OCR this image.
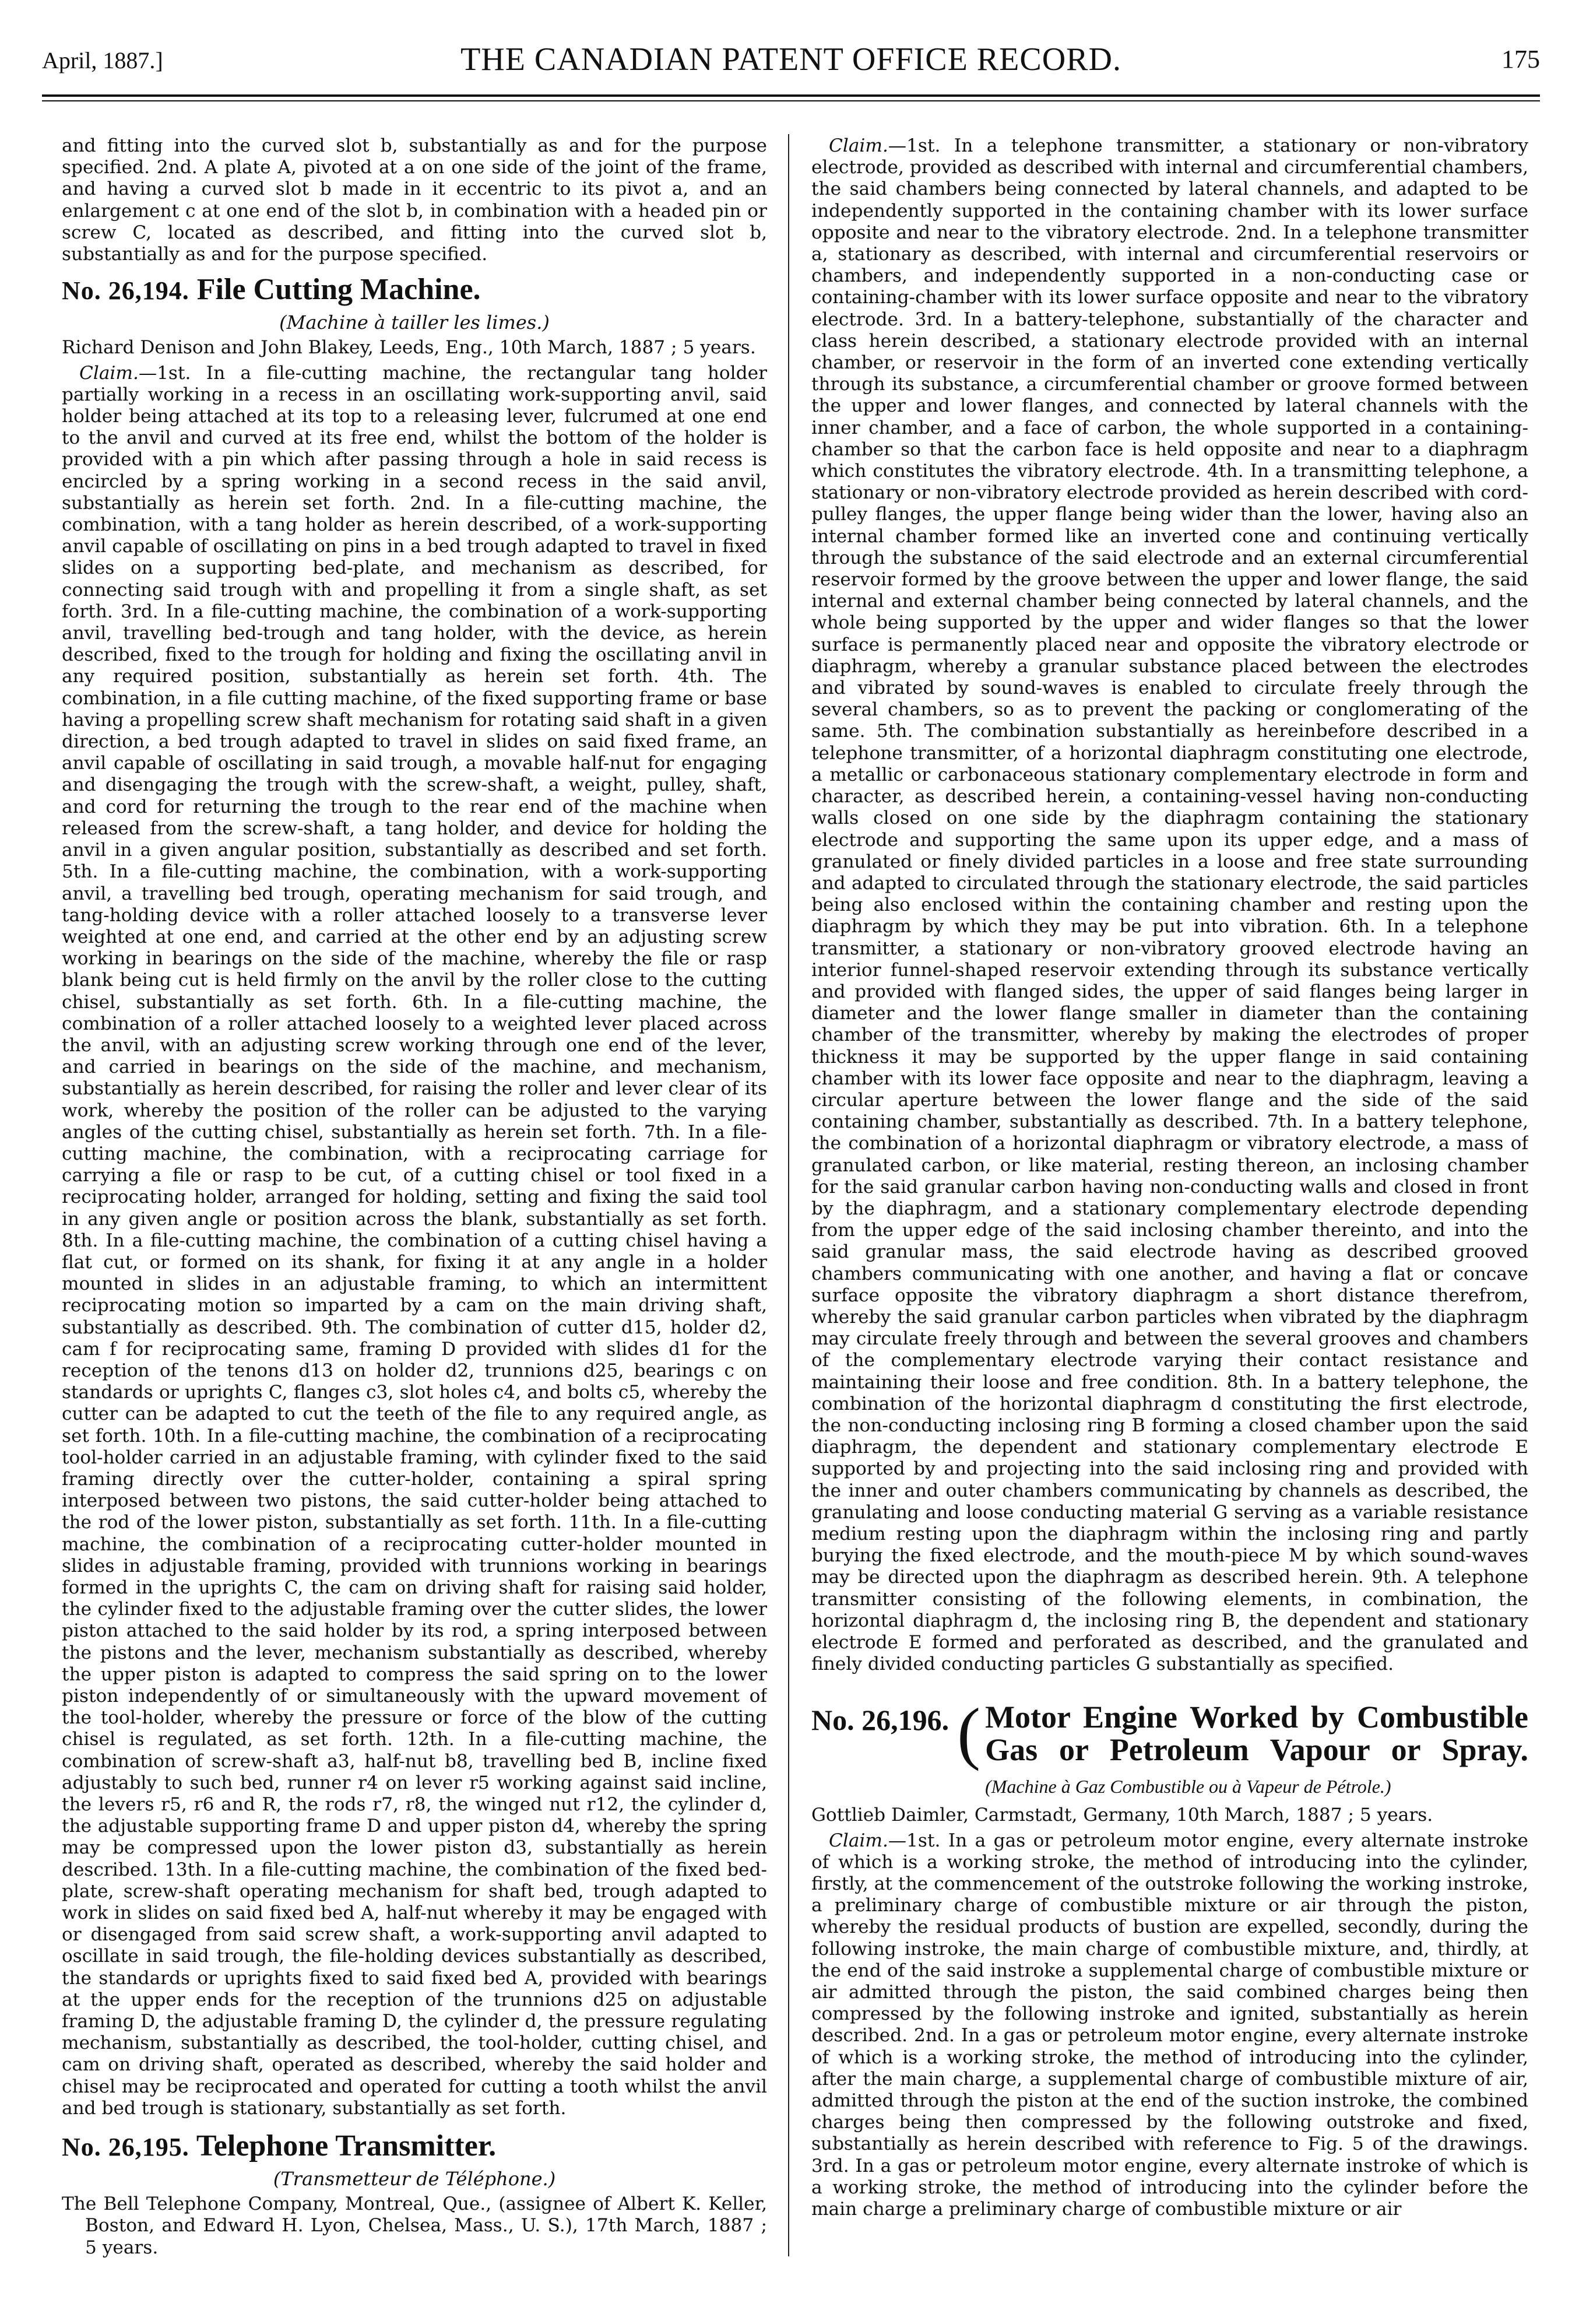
April, 1887.]	THE CANADIAN PATENT OFFICE RECORD.	175

and fitting into the curved slot b, substantially as and for the purpose specified. 2nd. A plate A, pivoted at a on one side of the joint of the frame, and having a curved slot b made in it eccentric to its pivot a, and an enlargement c at one end of the slot b, in combination with a headed pin or screw C, located as described, and fitting into the curved slot b, substantially as and for the purpose specified.

No. 26,194. File Cutting Machine.
(Machine à tailler les limes.)

Richard Denison and John Blakey, Leeds, Eng., 10th March, 1887 ; 5 years.

Claim.—1st. In a file-cutting machine, the rectangular tang holder partially working in a recess in an oscillating work-supporting anvil, said holder being attached at its top to a releasing lever, fulcrumed at one end to the anvil and curved at its free end, whilst the bottom of the holder is provided with a pin which after passing through a hole in said recess is encircled by a spring working in a second recess in the said anvil, substantially as herein set forth. 2nd. In a file-cutting machine, the combination, with a tang holder as herein described, of a work-supporting anvil capable of oscillating on pins in a bed trough adapted to travel in fixed slides on a supporting bed-plate, and mechanism as described, for connecting said trough with and propelling it from a single shaft, as set forth. 3rd. In a file-cutting machine, the combination of a work-supporting anvil, travelling bed-trough and tang holder, with the device, as herein described, fixed to the trough for holding and fixing the oscillating anvil in any required position, substantially as herein set forth. 4th. The combination, in a file cutting machine, of the fixed supporting frame or base having a propelling screw shaft mechanism for rotating said shaft in a given direction, a bed trough adapted to travel in slides on said fixed frame, an anvil capable of oscillating in said trough, a movable half-nut for engaging and disengaging the trough with the screw-shaft, a weight, pulley, shaft, and cord for returning the trough to the rear end of the machine when released from the screw-shaft, a tang holder, and device for holding the anvil in a given angular position, substantially as described and set forth. 5th. In a file-cutting machine, the combination, with a work-supporting anvil, a travelling bed trough, operating mechanism for said trough, and tang-holding device with a roller attached loosely to a transverse lever weighted at one end, and carried at the other end by an adjusting screw working in bearings on the side of the machine, whereby the file or rasp blank being cut is held firmly on the anvil by the roller close to the cutting chisel, substantially as set forth. 6th. In a file-cutting machine, the combination of a roller attached loosely to a weighted lever placed across the anvil, with an adjusting screw working through one end of the lever, and carried in bearings on the side of the machine, and mechanism, substantially as herein described, for raising the roller and lever clear of its work, whereby the position of the roller can be adjusted to the varying angles of the cutting chisel, substantially as herein set forth. 7th. In a file-cutting machine, the combination, with a reciprocating carriage for carrying a file or rasp to be cut, of a cutting chisel or tool fixed in a reciprocating holder, arranged for holding, setting and fixing the said tool in any given angle or position across the blank, substantially as set forth. 8th. In a file-cutting machine, the combination of a cutting chisel having a flat cut, or formed on its shank, for fixing it at any angle in a holder mounted in slides in an adjustable framing, to which an intermittent reciprocating motion so imparted by a cam on the main driving shaft, substantially as described. 9th. The combination of cutter d15, holder d2, cam f for reciprocating same, framing D provided with slides d1 for the reception of the tenons d13 on holder d2, trunnions d25, bearings c on standards or uprights C, flanges c3, slot holes c4, and bolts c5, whereby the cutter can be adapted to cut the teeth of the file to any required angle, as set forth. 10th. In a file-cutting machine, the combination of a reciprocating tool-holder carried in an adjustable framing, with cylinder fixed to the said framing directly over the cutter-holder, containing a spiral spring interposed between two pistons, the said cutter-holder being attached to the rod of the lower piston, substantially as set forth. 11th. In a file-cutting machine, the combination of a reciprocating cutter-holder mounted in slides in adjustable framing, provided with trunnions working in bearings formed in the uprights C, the cam on driving shaft for raising said holder, the cylinder fixed to the adjustable framing over the cutter slides, the lower piston attached to the said holder by its rod, a spring interposed between the pistons and the lever, mechanism substantially as described, whereby the upper piston is adapted to compress the said spring on to the lower piston independently of or simultaneously with the upward movement of the tool-holder, whereby the pressure or force of the blow of the cutting chisel is regulated, as set forth. 12th. In a file-cutting machine, the combination of screw-shaft a3, half-nut b8, travelling bed B, incline fixed adjustably to such bed, runner r4 on lever r5 working against said incline, the levers r5, r6 and R, the rods r7, r8, the winged nut r12, the cylinder d, the adjustable supporting frame D and upper piston d4, whereby the spring may be compressed upon the lower piston d3, substantially as herein described. 13th. In a file-cutting machine, the combination of the fixed bed-plate, screw-shaft operating mechanism for shaft bed, trough adapted to work in slides on said fixed bed A, half-nut whereby it may be engaged with or disengaged from said screw shaft, a work-supporting anvil adapted to oscillate in said trough, the file-holding devices substantially as described, the standards or uprights fixed to said fixed bed A, provided with bearings at the upper ends for the reception of the trunnions d25 on adjustable framing D, the adjustable framing D, the cylinder d, the pressure regulating mechanism, substantially as described, the tool-holder, cutting chisel, and cam on driving shaft, operated as described, whereby the said holder and chisel may be reciprocated and operated for cutting a tooth whilst the anvil and bed trough is stationary, substantially as set forth.

No. 26,195. Telephone Transmitter.
(Transmetteur de Téléphone.)

The Bell Telephone Company, Montreal, Que., (assignee of Albert K. Keller, Boston, and Edward H. Lyon, Chelsea, Mass., U. S.), 17th March, 1887 ; 5 years.

Claim.—1st. In a telephone transmitter, a stationary or non-vibratory electrode, provided as described with internal and circumferential chambers, the said chambers being connected by lateral channels, and adapted to be independently supported in the containing chamber with its lower surface opposite and near to the vibratory electrode. 2nd. In a telephone transmitter a, stationary as described, with internal and circumferential reservoirs or chambers, and independently supported in a non-conducting case or containing-chamber with its lower surface opposite and near to the vibratory electrode. 3rd. In a battery-telephone, substantially of the character and class herein described, a stationary electrode provided with an internal chamber, or reservoir in the form of an inverted cone extending vertically through its substance, a circumferential chamber or groove formed between the upper and lower flanges, and connected by lateral channels with the inner chamber, and a face of carbon, the whole supported in a containing-chamber so that the carbon face is held opposite and near to a diaphragm which constitutes the vibratory electrode. 4th. In a transmitting telephone, a stationary or non-vibratory electrode provided as herein described with cord-pulley flanges, the upper flange being wider than the lower, having also an internal chamber formed like an inverted cone and continuing vertically through the substance of the said electrode and an external circumferential reservoir formed by the groove between the upper and lower flange, the said internal and external chamber being connected by lateral channels, and the whole being supported by the upper and wider flanges so that the lower surface is permanently placed near and opposite the vibratory electrode or diaphragm, whereby a granular substance placed between the electrodes and vibrated by sound-waves is enabled to circulate freely through the several chambers, so as to prevent the packing or conglomerating of the same. 5th. The combination substantially as hereinbefore described in a telephone transmitter, of a horizontal diaphragm constituting one electrode, a metallic or carbonaceous stationary complementary electrode in form and character, as described herein, a containing-vessel having non-conducting walls closed on one side by the diaphragm containing the stationary electrode and supporting the same upon its upper edge, and a mass of granulated or finely divided particles in a loose and free state surrounding and adapted to circulated through the stationary electrode, the said particles being also enclosed within the containing chamber and resting upon the diaphragm by which they may be put into vibration. 6th. In a telephone transmitter, a stationary or non-vibratory grooved electrode having an interior funnel-shaped reservoir extending through its substance vertically and provided with flanged sides, the upper of said flanges being larger in diameter and the lower flange smaller in diameter than the containing chamber of the transmitter, whereby by making the electrodes of proper thickness it may be supported by the upper flange in said containing chamber with its lower face opposite and near to the diaphragm, leaving a circular aperture between the lower flange and the side of the said containing chamber, substantially as described. 7th. In a battery telephone, the combination of a horizontal diaphragm or vibratory electrode, a mass of granulated carbon, or like material, resting thereon, an inclosing chamber for the said granular carbon having non-conducting walls and closed in front by the diaphragm, and a stationary complementary electrode depending from the upper edge of the said inclosing chamber thereinto, and into the said granular mass, the said electrode having as described grooved chambers communicating with one another, and having a flat or concave surface opposite the vibratory diaphragm a short distance therefrom, whereby the said granular carbon particles when vibrated by the diaphragm may circulate freely through and between the several grooves and chambers of the complementary electrode varying their contact resistance and maintaining their loose and free condition. 8th. In a battery telephone, the combination of the horizontal diaphragm d constituting the first electrode, the non-conducting inclosing ring B forming a closed chamber upon the said diaphragm, the dependent and stationary complementary electrode E supported by and projecting into the said inclosing ring and provided with the inner and outer chambers communicating by channels as described, the granulating and loose conducting material G serving as a variable resistance medium resting upon the diaphragm within the inclosing ring and partly burying the fixed electrode, and the mouth-piece M by which sound-waves may be directed upon the diaphragm as described herein. 9th. A telephone transmitter consisting of the following elements, in combination, the horizontal diaphragm d, the inclosing ring B, the dependent and stationary electrode E formed and perforated as described, and the granulated and finely divided conducting particles G substantially as specified.

No. 26,196. ( Motor Engine Worked by Combustible Gas or Petroleum Vapour or Spray. (Machine à Gaz Combustible ou à Vapeur de Pétrole.)

Gottlieb Daimler, Carmstadt, Germany, 10th March, 1887 ; 5 years.

Claim.—1st. In a gas or petroleum motor engine, every alternate instroke of which is a working stroke, the method of introducing into the cylinder, firstly, at the commencement of the outstroke following the working instroke, a preliminary charge of combustible mixture or air through the piston, whereby the residual products of bustion are expelled, secondly, during the following instroke, the main charge of combustible mixture, and, thirdly, at the end of the said instroke a supplemental charge of combustible mixture or air admitted through the piston, the said combined charges being then compressed by the following instroke and ignited, substantially as herein described. 2nd. In a gas or petroleum motor engine, every alternate instroke of which is a working stroke, the method of introducing into the cylinder, after the main charge, a supplemental charge of combustible mixture of air, admitted through the piston at the end of the suction instroke, the combined charges being then compressed by the following outstroke and fixed, substantially as herein described with reference to Fig. 5 of the drawings. 3rd. In a gas or petroleum motor engine, every alternate instroke of which is a working stroke, the method of introducing into the cylinder before the main charge a preliminary charge of combustible mixture or air
